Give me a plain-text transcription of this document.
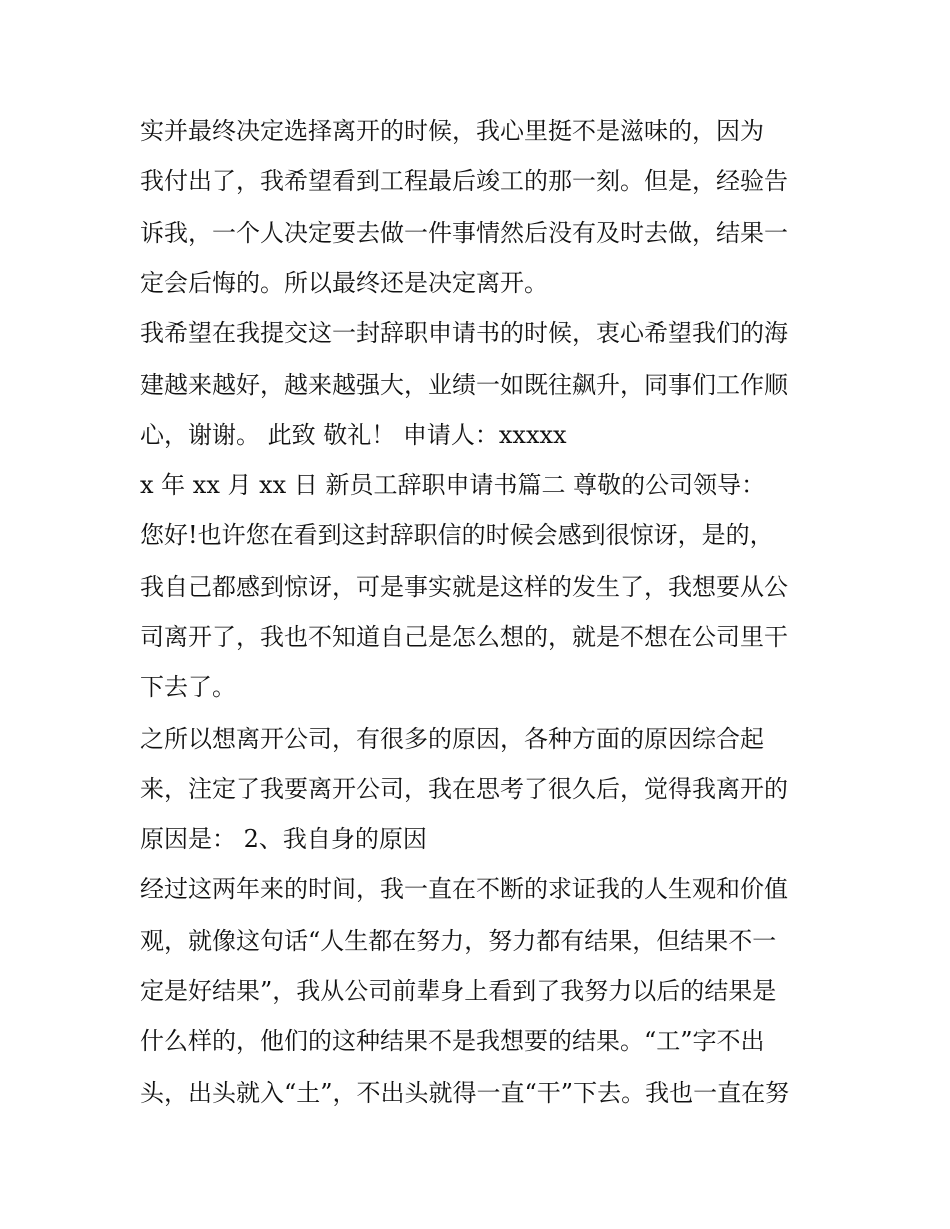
实并最终决定选择离开的时候，我心里挺不是滋味的，因为
我付出了，我希望看到工程最后竣工的那一刻。但是，经验告
诉我，一个人决定要去做一件事情然后没有及时去做，结果一
定会后悔的。所以最终还是决定离开。
我希望在我提交这一封辞职申请书的时候，衷心希望我们的海
建越来越好，越来越强大，业绩一如既往飙升，同事们工作顺
心，谢谢。 此致 敬礼！ 申请人：xxxxx
x 年 xx 月 xx 日 新员工辞职申请书篇二 尊敬的公司领导：
您好!也许您在看到这封辞职信的时候会感到很惊讶，是的，
我自己都感到惊讶，可是事实就是这样的发生了，我想要从公
司离开了，我也不知道自己是怎么想的，就是不想在公司里干
下去了。
之所以想离开公司，有很多的原因，各种方面的原因综合起
来，注定了我要离开公司，我在思考了很久后，觉得我离开的
原因是： 2、我自身的原因
经过这两年来的时间，我一直在不断的求证我的人生观和价值
观，就像这句话“人生都在努力，努力都有结果，但结果不一
定是好结果”，我从公司前辈身上看到了我努力以后的结果是
什么样的，他们的这种结果不是我想要的结果。“工”字不出
头，出头就入“土”，不出头就得一直“干”下去。我也一直在努
